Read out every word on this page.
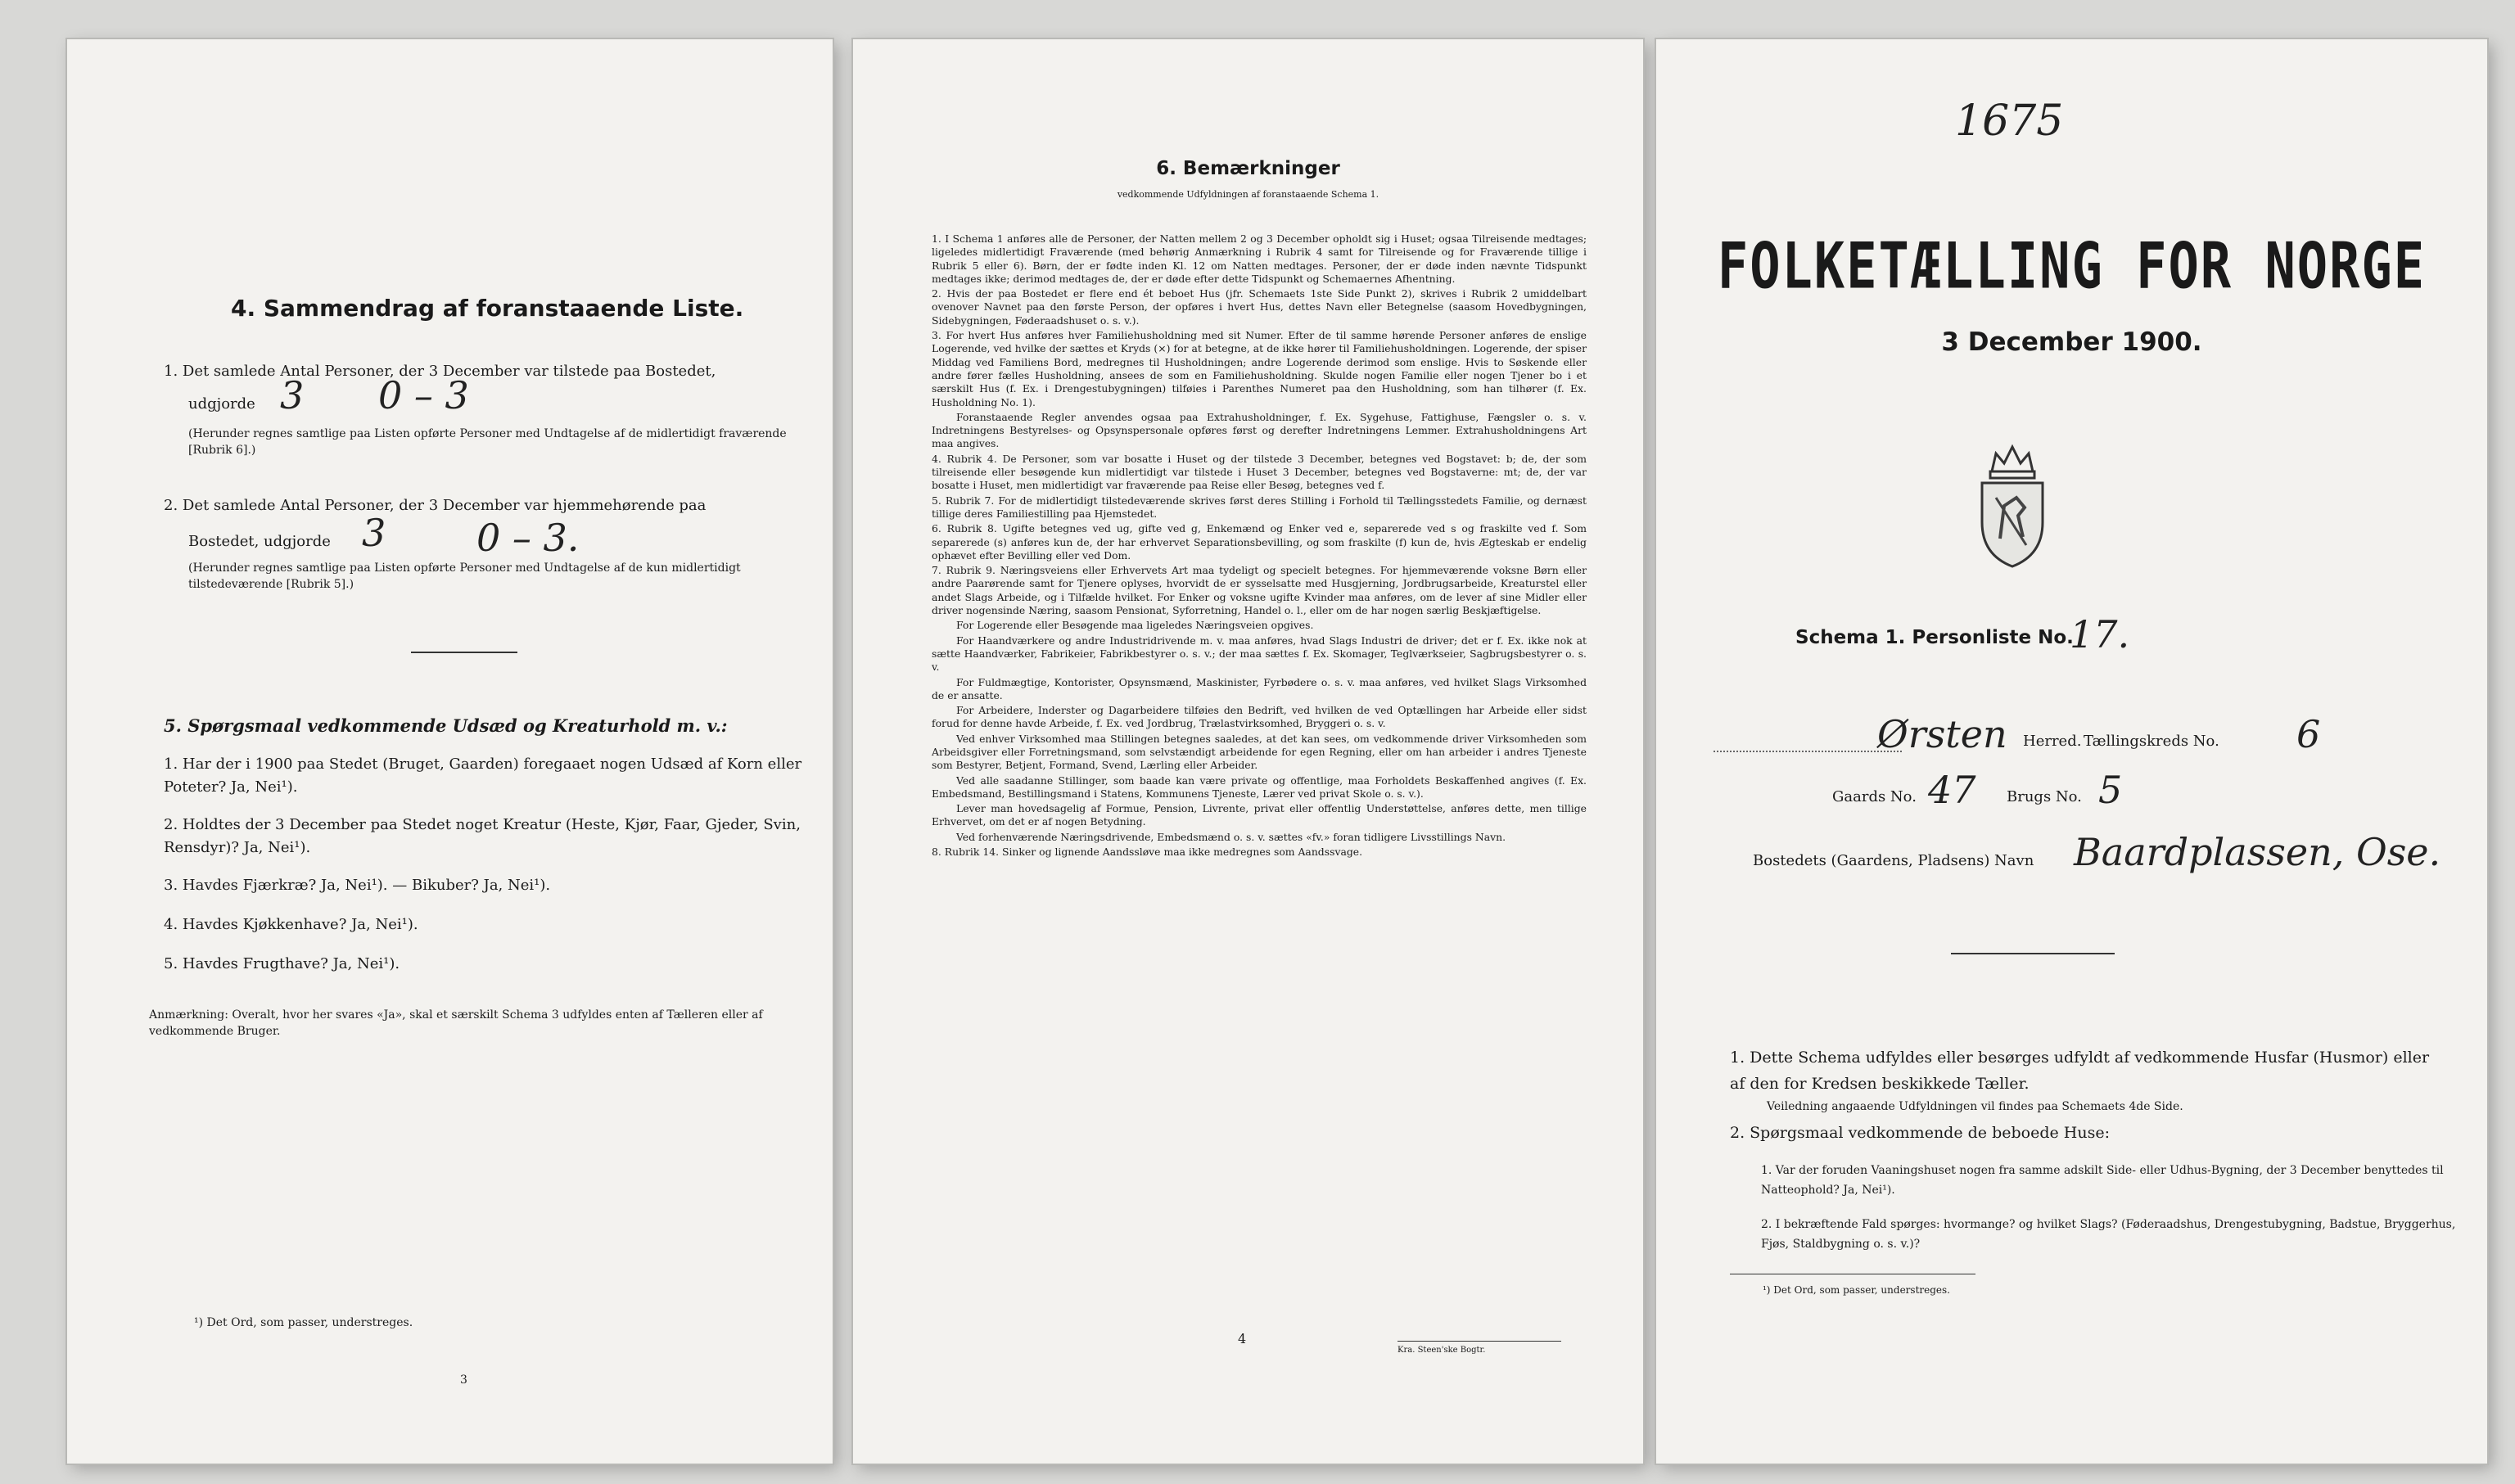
4. Sammendrag af foranstaaende Liste.
1. Det samlede Antal Personer, der 3 December var tilstede paa Bostedet,
udgjorde 3 0 – 3
(Herunder regnes samtlige paa Listen opførte Personer med Undtagelse af de midlertidigt fraværende [Rubrik 6].)
2. Det samlede Antal Personer, der 3 December var hjemmehørende paa
Bostedet, udgjorde 3 0 – 3.
(Herunder regnes samtlige paa Listen opførte Personer med Undtagelse af de kun midlertidigt tilstedeværende [Rubrik 5].)
5. Spørgsmaal vedkommende Udsæd og Kreaturhold m. v.:
1. Har der i 1900 paa Stedet (Bruget, Gaarden) foregaaet nogen Udsæd af Korn eller Poteter? Ja, Nei¹).
2. Holdtes der 3 December paa Stedet noget Kreatur (Heste, Kjør, Faar, Gjeder, Svin, Rensdyr)? Ja, Nei¹).
3. Havdes Fjærkræ? Ja, Nei¹). — Bikuber? Ja, Nei¹).
4. Havdes Kjøkkenhave? Ja, Nei¹).
5. Havdes Frugthave? Ja, Nei¹).
Anmærkning: Overalt, hvor her svares «Ja», skal et særskilt Schema 3 udfyldes enten af Tælleren eller af vedkommende Bruger.
¹) Det Ord, som passer, understreges.
3
6. Bemærkninger
vedkommende Udfyldningen af foranstaaende Schema 1.
1. I Schema 1 anføres alle de Personer, der Natten mellem 2 og 3 December opholdt sig i Huset; ogsaa Tilreisende medtages; ligeledes midlertidigt Fraværende (med behørig Anmærkning i Rubrik 4 samt for Tilreisende og for Fraværende tillige i Rubrik 5 eller 6). Børn, der er fødte inden Kl. 12 om Natten medtages. Personer, der er døde inden nævnte Tidspunkt medtages ikke; derimod medtages de, der er døde efter dette Tidspunkt og Schemaernes Afhentning.
2. Hvis der paa Bostedet er flere end ét beboet Hus (jfr. Schemaets 1ste Side Punkt 2), skrives i Rubrik 2 umiddelbart ovenover Navnet paa den første Person, der opføres i hvert Hus, dettes Navn eller Betegnelse (saasom Hovedbygningen, Sidebygningen, Føderaadshuset o. s. v.).
3. For hvert Hus anføres hver Familiehusholdning med sit Numer. Efter de til samme hørende Personer anføres de enslige Logerende, ved hvilke der sættes et Kryds (×) for at betegne, at de ikke hører til Familiehusholdningen. Logerende, der spiser Middag ved Familiens Bord, medregnes til Husholdningen; andre Logerende derimod som enslige. Hvis to Søskende eller andre fører fælles Husholdning, ansees de som en Familiehusholdning. Skulde nogen Familie eller nogen Tjener bo i et særskilt Hus (f. Ex. i Drengestubygningen) tilføies i Parenthes Numeret paa den Husholdning, som han tilhører (f. Ex. Husholdning No. 1).
Foranstaaende Regler anvendes ogsaa paa Extrahusholdninger, f. Ex. Sygehuse, Fattighuse, Fængsler o. s. v. Indretningens Bestyrelses- og Opsynspersonale opføres først og derefter Indretningens Lemmer. Extrahusholdningens Art maa angives.
4. Rubrik 4. De Personer, som var bosatte i Huset og der tilstede 3 December, betegnes ved Bogstavet: b; de, der som tilreisende eller besøgende kun midlertidigt var tilstede i Huset 3 December, betegnes ved Bogstaverne: mt; de, der var bosatte i Huset, men midlertidigt var fraværende paa Reise eller Besøg, betegnes ved f.
5. Rubrik 7. For de midlertidigt tilstedeværende skrives først deres Stilling i Forhold til Tællingsstedets Familie, og dernæst tillige deres Familiestilling paa Hjemstedet.
6. Rubrik 8. Ugifte betegnes ved ug, gifte ved g, Enkemænd og Enker ved e, separerede ved s og fraskilte ved f. Som separerede (s) anføres kun de, der har erhvervet Separationsbevilling, og som fraskilte (f) kun de, hvis Ægteskab er endelig ophævet efter Bevilling eller ved Dom.
7. Rubrik 9. Næringsveiens eller Erhvervets Art maa tydeligt og specielt betegnes. For hjemmeværende voksne Børn eller andre Paarørende samt for Tjenere oplyses, hvorvidt de er sysselsatte med Husgjerning, Jordbrugsarbeide, Kreaturstel eller andet Slags Arbeide, og i Tilfælde hvilket. For Enker og voksne ugifte Kvinder maa anføres, om de lever af sine Midler eller driver nogensinde Næring, saasom Pensionat, Syforretning, Handel o. l., eller om de har nogen særlig Beskjæftigelse.
For Logerende eller Besøgende maa ligeledes Næringsveien opgives.
For Haandværkere og andre Industridrivende m. v. maa anføres, hvad Slags Industri de driver; det er f. Ex. ikke nok at sætte Haandværker, Fabrikeier, Fabrikbestyrer o. s. v.; der maa sættes f. Ex. Skomager, Teglværkseier, Sagbrugsbestyrer o. s. v.
For Fuldmægtige, Kontorister, Opsynsmænd, Maskinister, Fyrbødere o. s. v. maa anføres, ved hvilket Slags Virksomhed de er ansatte.
For Arbeidere, Inderster og Dagarbeidere tilføies den Bedrift, ved hvilken de ved Optællingen har Arbeide eller sidst forud for denne havde Arbeide, f. Ex. ved Jordbrug, Trælastvirksomhed, Bryggeri o. s. v.
Ved enhver Virksomhed maa Stillingen betegnes saaledes, at det kan sees, om vedkommende driver Virksomheden som Arbeidsgiver eller Forretningsmand, som selvstændigt arbeidende for egen Regning, eller om han arbeider i andres Tjeneste som Bestyrer, Betjent, Formand, Svend, Lærling eller Arbeider.
Ved alle saadanne Stillinger, som baade kan være private og offentlige, maa Forholdets Beskaffenhed angives (f. Ex. Embedsmand, Bestillingsmand i Statens, Kommunens Tjeneste, Lærer ved privat Skole o. s. v.).
Lever man hovedsagelig af Formue, Pension, Livrente, privat eller offentlig Understøttelse, anføres dette, men tillige Erhvervet, om det er af nogen Betydning.
Ved forhenværende Næringsdrivende, Embedsmænd o. s. v. sættes «fv.» foran tidligere Livsstillings Navn.
8. Rubrik 14. Sinker og lignende Aandssløve maa ikke medregnes som Aandssvage.
4
Kra. Steen'ske Bogtr.
1675
FOLKETÆLLING FOR NORGE
3 December 1900.
Schema 1. Personliste No.
17.
Ørsten Herred. Tællingskreds No. 6
Gaards No. 47 Brugs No. 5
Bostedets (Gaardens, Pladsens) Navn Baardplassen, Ose.
1. Dette Schema udfyldes eller besørges udfyldt af vedkommende Husfar (Husmor) eller af den for Kredsen beskikkede Tæller.
Veiledning angaaende Udfyldningen vil findes paa Schemaets 4de Side.
2. Spørgsmaal vedkommende de beboede Huse:
1. Var der foruden Vaaningshuset nogen fra samme adskilt Side- eller Udhus-Bygning, der 3 December benyttedes til Natteophold? Ja, Nei¹).
2. I bekræftende Fald spørges: hvormange? og hvilket Slags? (Føderaadshus, Drengestubygning, Badstue, Bryggerhus, Fjøs, Staldbygning o. s. v.)?
¹) Det Ord, som passer, understreges.
